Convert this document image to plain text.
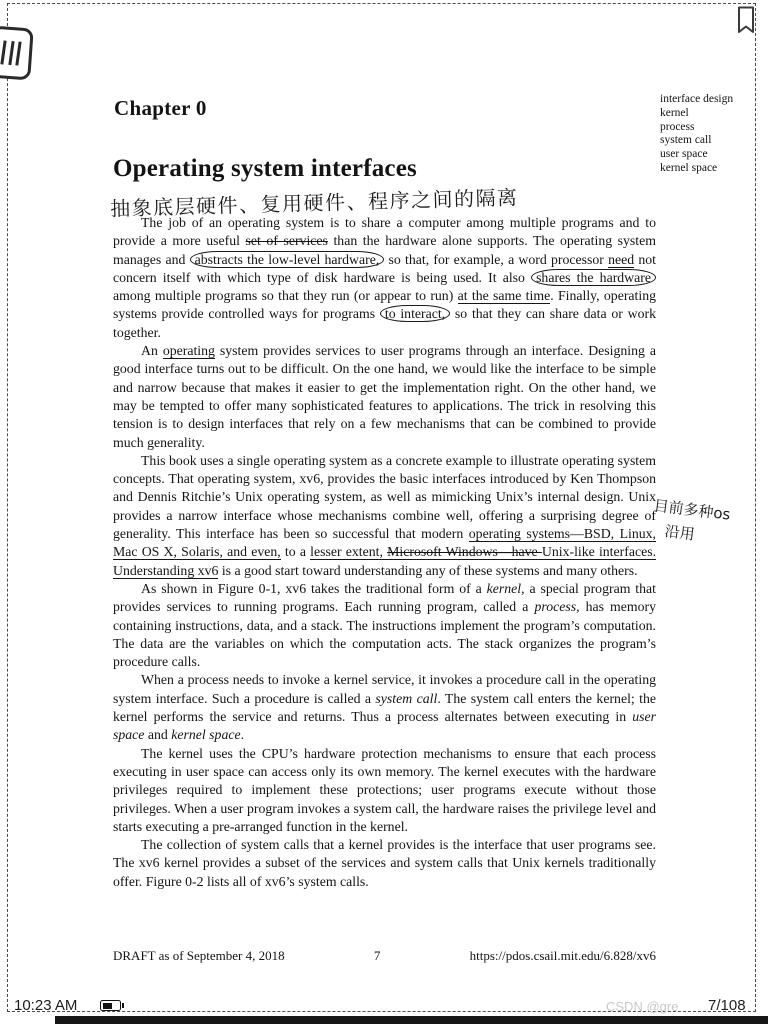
Chapter 0	interface design
kernel
process
system call
user space
kernel space
Operating system interfaces
抽象底层硬件、复用硬件、程序之间的隔离
目前多种os
沿用

The job of an operating system is to share a computer among multiple programs and to provide a more useful set of services than the hardware alone supports. The operating system manages and abstracts the low-level hardware, so that, for example, a word processor need not concern itself with which type of disk hardware is being used. It also shares the hardware among multiple programs so that they run (or appear to run) at the same time. Finally, operating systems provide controlled ways for programs to interact, so that they can share data or work together.

An operating system provides services to user programs through an interface. Designing a good interface turns out to be difficult. On the one hand, we would like the interface to be simple and narrow because that makes it easier to get the implementation right. On the other hand, we may be tempted to offer many sophisticated features to applications. The trick in resolving this tension is to design interfaces that rely on a few mechanisms that can be combined to provide much generality.

This book uses a single operating system as a concrete example to illustrate operating system concepts. That operating system, xv6, provides the basic interfaces introduced by Ken Thompson and Dennis Ritchie’s Unix operating system, as well as mimicking Unix’s internal design. Unix provides a narrow interface whose mechanisms combine well, offering a surprising degree of generality. This interface has been so successful that modern operating systems—BSD, Linux, Mac OS X, Solaris, and even, to a lesser extent, Microsoft Windows—have Unix-like interfaces. Understanding xv6 is a good start toward understanding any of these systems and many others.

As shown in Figure 0-1, xv6 takes the traditional form of a kernel, a special program that provides services to running programs. Each running program, called a process, has memory containing instructions, data, and a stack. The instructions implement the program’s computation. The data are the variables on which the computation acts. The stack organizes the program’s procedure calls.

When a process needs to invoke a kernel service, it invokes a procedure call in the operating system interface. Such a procedure is called a system call. The system call enters the kernel; the kernel performs the service and returns. Thus a process alternates between executing in user space and kernel space.

The kernel uses the CPU’s hardware protection mechanisms to ensure that each process executing in user space can access only its own memory. The kernel executes with the hardware privileges required to implement these protections; user programs execute without those privileges. When a user program invokes a system call, the hardware raises the privilege level and starts executing a pre-arranged function in the kernel.

The collection of system calls that a kernel provides is the interface that user programs see. The xv6 kernel provides a subset of the services and system calls that Unix kernels traditionally offer. Figure 0-2 lists all of xv6’s system calls.

DRAFT as of September 4, 2018	7	https://pdos.csail.mit.edu/6.828/xv6
10:23 AM	CSDN @gre 7/108
